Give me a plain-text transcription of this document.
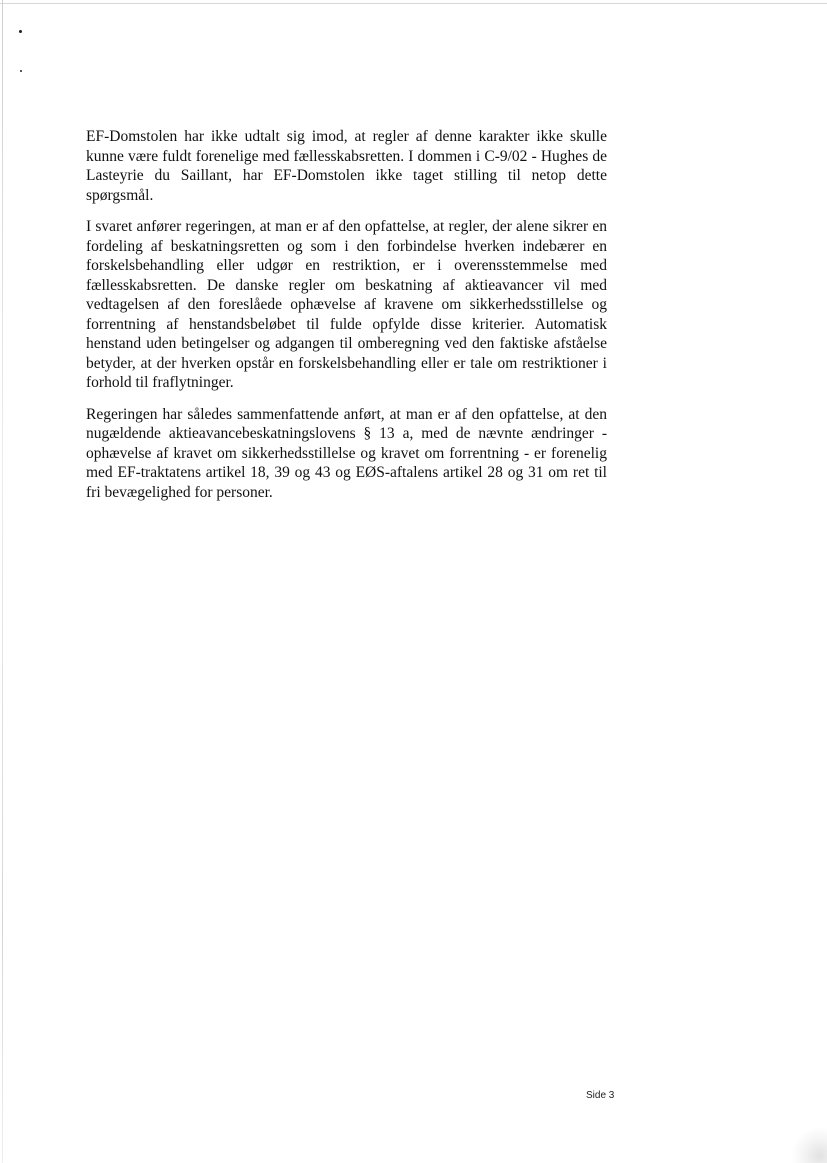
EF-Domstolen har ikke udtalt sig imod, at regler af denne karakter ikke skulle kunne være fuldt forenelige med fællesskabsretten. I dommen i C-9/02 - Hughes de Lasteyrie du Saillant, har EF-Domstolen ikke taget stilling til netop dette spørgsmål.

I svaret anfører regeringen, at man er af den opfattelse, at regler, der alene sikrer en fordeling af beskatningsretten og som i den forbindelse hverken indebærer en forskelsbehandling eller udgør en restriktion, er i overensstemmelse med fællesskabsretten. De danske regler om beskatning af aktieavancer vil med vedtagelsen af den foreslåede ophævelse af kravene om sikkerhedsstillelse og forrentning af henstandsbeløbet til fulde opfylde disse kriterier. Automatisk henstand uden betingelser og adgangen til omberegning ved den faktiske afståelse betyder, at der hverken opstår en forskelsbehandling eller er tale om restriktioner i forhold til fraflytninger.

Regeringen har således sammenfattende anført, at man er af den opfattelse, at den nugældende aktieavancebeskatningslovens § 13 a, med de nævnte ændringer - ophævelse af kravet om sikkerhedsstillelse og kravet om forrentning - er forenelig med EF-traktatens artikel 18, 39 og 43 og EØS-aftalens artikel 28 og 31 om ret til fri bevægelighed for personer.

Side 3
